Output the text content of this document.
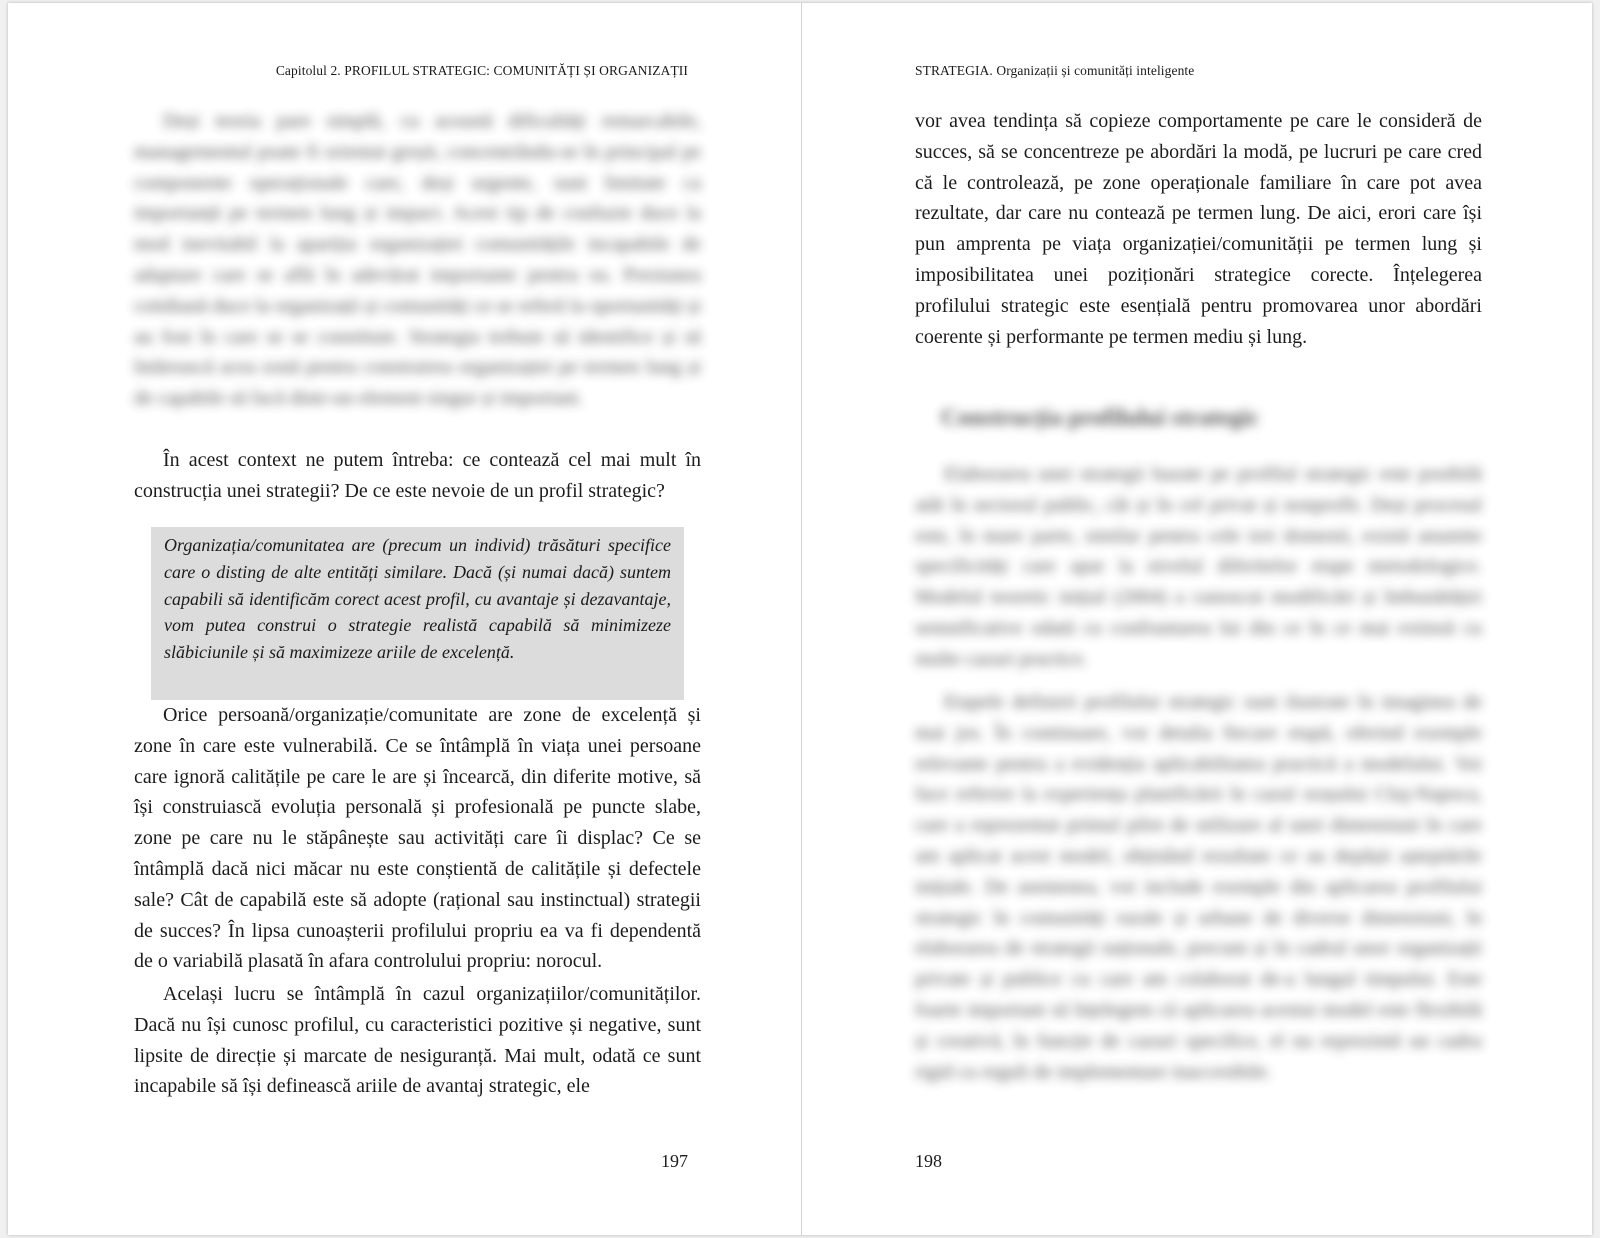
Capitolul 2. PROFILUL STRATEGIC: COMUNITĂȚI ȘI ORGANIZAȚII

Deși teoria pare simplă, cu această dificultăți remarcabile, managementul poate fi orientat greșit, concentrându-se în principal pe componente operaționale care, deși urgente, sunt limitate ca importanță pe termen lung și impact. Acest tip de confuzie duce la mod inevitabil la apariția organizației comunitățile incapabile de adaptare care se află în adevărat importante pentru ea. Presiunea cotidiană duce la organizații și comunități ce se referă la oportunități și au fost în care se se constituie. Strategia trebuie să identifice și să întărească acea zonă pentru construirea organizației pe termen lung și de capabile să facă dintr-un element singur și important.

În acest context ne putem întreba: ce contează cel mai mult în construcția unei strategii? De ce este nevoie de un profil strategic?

Organizația/comunitatea are (precum un individ) trăsături specifice care o disting de alte entități similare. Dacă (și numai dacă) suntem capabili să identificăm corect acest profil, cu avantaje și dezavantaje, vom putea construi o strategie realistă capabilă să minimizeze slăbiciunile și să maximizeze ariile de excelență.

Orice persoană/organizație/comunitate are zone de excelență și zone în care este vulnerabilă. Ce se întâmplă în viața unei persoane care ignoră calitățile pe care le are și încearcă, din diferite motive, să își construiască evoluția personală și profesională pe puncte slabe, zone pe care nu le stăpânește sau activități care îi displac? Ce se întâmplă dacă nici măcar nu este conștientă de calitățile și defectele sale? Cât de capabilă este să adopte (rațional sau instinctual) strategii de succes? În lipsa cunoașterii profilului propriu ea va fi dependentă de o variabilă plasată în afara controlului propriu: norocul.

Același lucru se întâmplă în cazul organizațiilor/comunităților. Dacă nu își cunosc profilul, cu caracteristici pozitive și negative, sunt lipsite de direcție și marcate de nesiguranță. Mai mult, odată ce sunt incapabile să își definească ariile de avantaj strategic, ele

197
STRATEGIA. Organizații și comunități inteligente

vor avea tendința să copieze comportamente pe care le consideră de succes, să se concentreze pe abordări la modă, pe lucruri pe care cred că le controlează, pe zone operaționale familiare în care pot avea rezultate, dar care nu contează pe termen lung. De aici, erori care își pun amprenta pe viața organizației/comunității pe termen lung și imposibilitatea unei poziționări strategice corecte. Înțelegerea profilului strategic este esențială pentru promovarea unor abordări coerente și performante pe termen mediu și lung.

Construcția profilului strategic

Elaborarea unei strategii bazate pe profilul strategic este posibilă atât în sectorul public, cât și în cel privat și nonprofit. Deși procesul este, în mare parte, similar pentru cele trei domenii, există anumite specificități care apar la nivelul diferitelor etape metodologice. Modelul teoretic inițial (2004) a cunoscut modificări și îmbunătățiri semnificative odată cu confruntarea lui din ce în ce mai extinsă cu multe cazuri practice.

Etapele definirii profilului strategic sunt ilustrate în imaginea de mai jos. În continuare, vor detalia fiecare etapă, oferind exemple relevante pentru a evidenția aplicabilitatea practică a modelului. Voi face referire la experiența planificării în cazul orașului Cluj-Napoca, care a reprezentat primul pilot de utilizare al unei dimensiuni în care am aplicat acest model, obținând rezultate ce au depășit așteptările inițiale. De asemenea, voi include exemple din aplicarea profilului strategic în comunități rurale și urbane de diverse dimensiuni, în elaborarea de strategii naționale, precum și în cadrul unor organizații private și publice cu care am colaborat de-a lungul timpului. Este foarte important să înțelegem că aplicarea acestui model este flexibilă și creativă, în funcție de cazuri specifice, el nu reprezintă un cadru rigid cu reguli de implementare inaccesibile.

198
